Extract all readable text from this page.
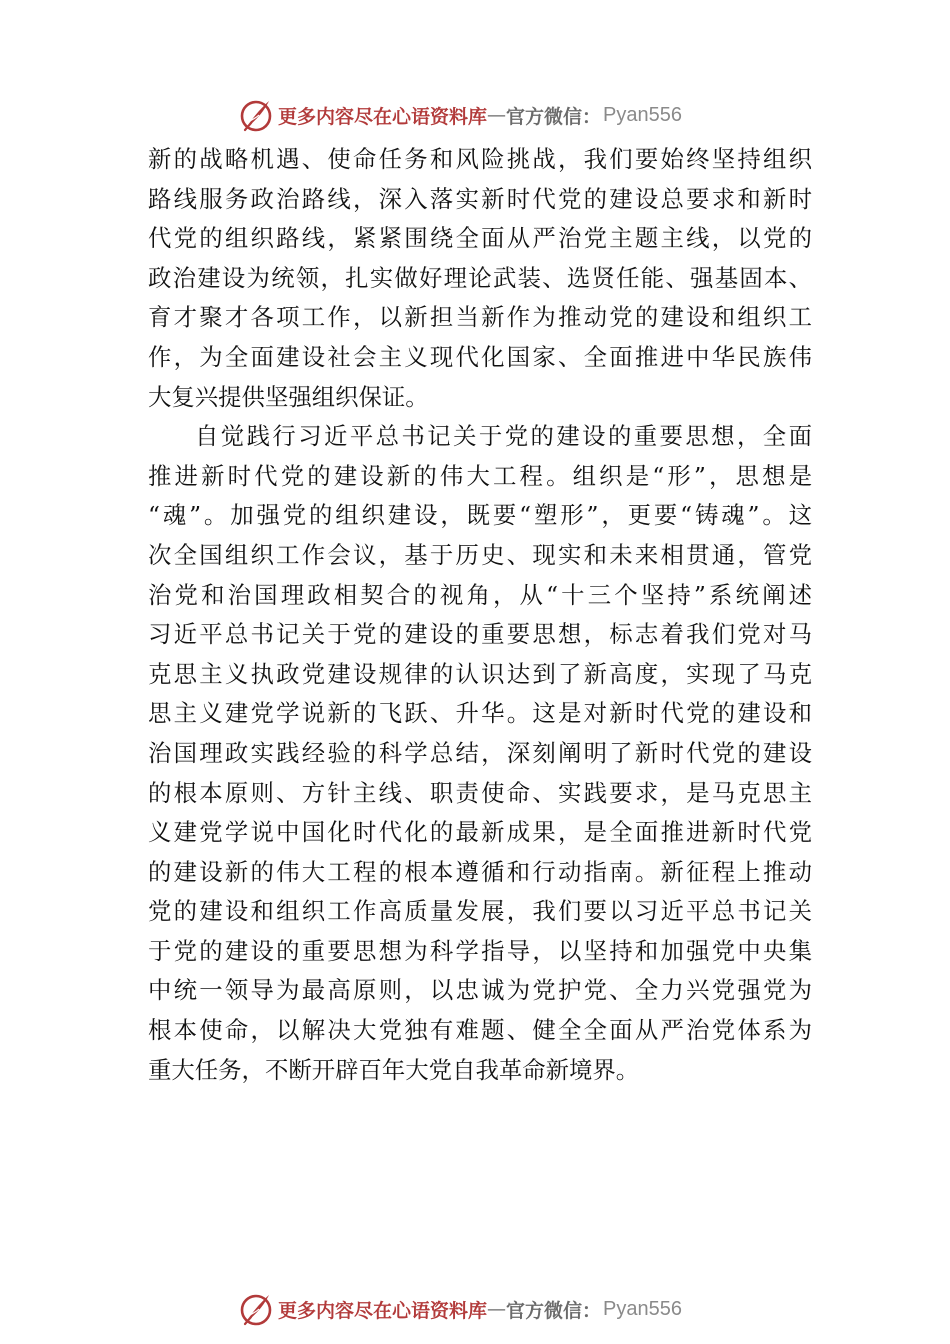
更多内容尽在心语资料库 — 官方微信： Pyan556
新的战略机遇、使命任务和风险挑战，我们要始终坚持组织
路线服务政治路线，深入落实新时代党的建设总要求和新时
代党的组织路线，紧紧围绕全面从严治党主题主线，以党的
政治建设为统领，扎实做好理论武装、选贤任能、强基固本、
育才聚才各项工作，以新担当新作为推动党的建设和组织工
作，为全面建设社会主义现代化国家、全面推进中华民族伟
大复兴提供坚强组织保证。
自觉践行习近平总书记关于党的建设的重要思想，全面
推进新时代党的建设新的伟大工程。组织是“形”，思想是
“魂”。加强党的组织建设，既要“塑形”，更要“铸魂”。这
次全国组织工作会议，基于历史、现实和未来相贯通，管党
治党和治国理政相契合的视角，从“十三个坚持”系统阐述
习近平总书记关于党的建设的重要思想，标志着我们党对马
克思主义执政党建设规律的认识达到了新高度，实现了马克
思主义建党学说新的飞跃、升华。这是对新时代党的建设和
治国理政实践经验的科学总结，深刻阐明了新时代党的建设
的根本原则、方针主线、职责使命、实践要求，是马克思主
义建党学说中国化时代化的最新成果，是全面推进新时代党
的建设新的伟大工程的根本遵循和行动指南。新征程上推动
党的建设和组织工作高质量发展，我们要以习近平总书记关
于党的建设的重要思想为科学指导，以坚持和加强党中央集
中统一领导为最高原则，以忠诚为党护党、全力兴党强党为
根本使命，以解决大党独有难题、健全全面从严治党体系为
重大任务，不断开辟百年大党自我革命新境界。
更多内容尽在心语资料库 — 官方微信： Pyan556
